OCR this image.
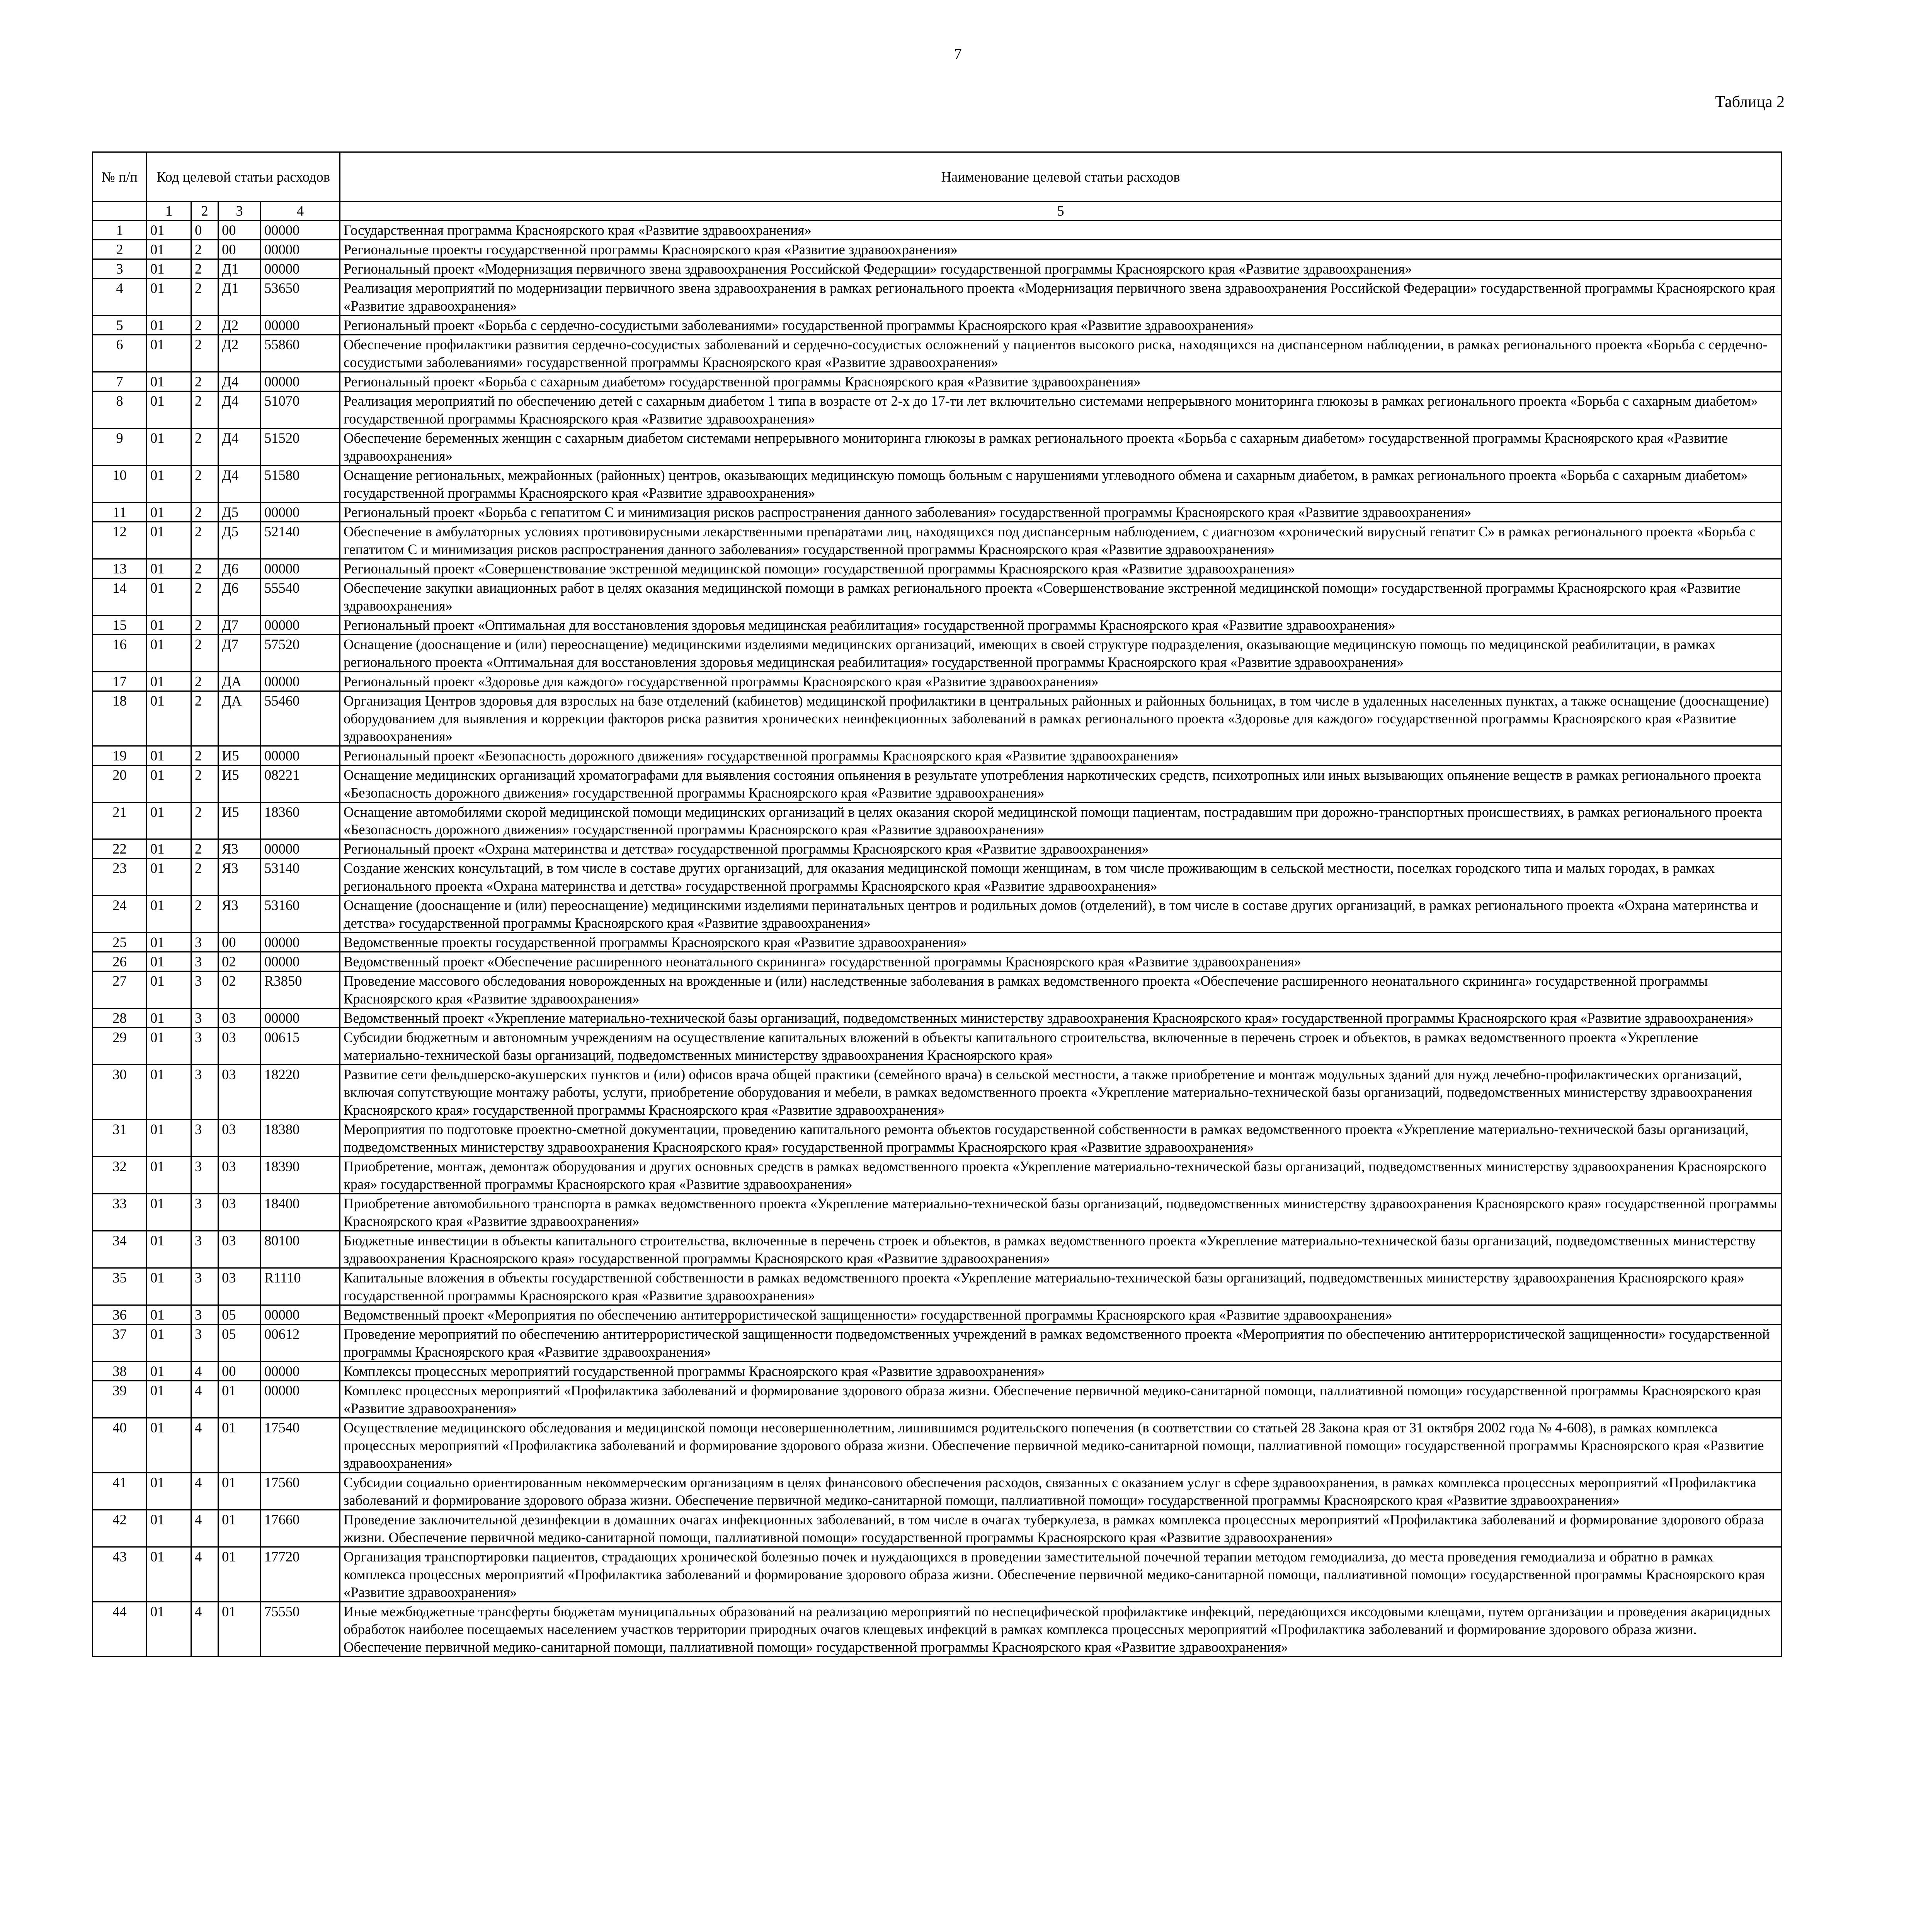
7
Таблица 2
№ п/п	Код целевой статьи расходов				Наименование целевой статьи расходов

	1	2	3	4	5
1	01	0	00	00000	Государственная программа Красноярского края «Развитие здравоохранения»
2	01	2	00	00000	Региональные проекты государственной программы Красноярского края «Развитие здравоохранения»
3	01	2	Д1	00000	Региональный проект «Модернизация первичного звена здравоохранения Российской Федерации» государственной программы Красноярского края «Развитие здравоохранения»
4	01	2	Д1	53650	Реализация мероприятий по модернизации первичного звена здравоохранения в рамках регионального проекта «Модернизация первичного звена здравоохранения Российской Федерации» государственной программы Красноярского края «Развитие здравоохранения»
5	01	2	Д2	00000	Региональный проект «Борьба с сердечно-сосудистыми заболеваниями» государственной программы Красноярского края «Развитие здравоохранения»
6	01	2	Д2	55860	Обеспечение профилактики развития сердечно-сосудистых заболеваний и сердечно-сосудистых осложнений у пациентов высокого риска, находящихся на диспансерном наблюдении, в рамках регионального проекта «Борьба с сердечно-сосудистыми заболеваниями» государственной программы Красноярского края «Развитие здравоохранения»
7	01	2	Д4	00000	Региональный проект «Борьба с сахарным диабетом» государственной программы Красноярского края «Развитие здравоохранения»
8	01	2	Д4	51070	Реализация мероприятий по обеспечению детей с сахарным диабетом 1 типа в возрасте от 2-х до 17-ти лет включительно системами непрерывного мониторинга глюкозы в рамках регионального проекта «Борьба с сахарным диабетом» государственной программы Красноярского края «Развитие здравоохранения»
9	01	2	Д4	51520	Обеспечение беременных женщин с сахарным диабетом системами непрерывного мониторинга глюкозы в рамках регионального проекта «Борьба с сахарным диабетом» государственной программы Красноярского края «Развитие здравоохранения»
10	01	2	Д4	51580	Оснащение региональных, межрайонных (районных) центров, оказывающих медицинскую помощь больным с нарушениями углеводного обмена и сахарным диабетом, в рамках регионального проекта «Борьба с сахарным диабетом» государственной программы Красноярского края «Развитие здравоохранения»
11	01	2	Д5	00000	Региональный проект «Борьба с гепатитом С и минимизация рисков распространения данного заболевания» государственной программы Красноярского края «Развитие здравоохранения»
12	01	2	Д5	52140	Обеспечение в амбулаторных условиях противовирусными лекарственными препаратами лиц, находящихся под диспансерным наблюдением, с диагнозом «хронический вирусный гепатит С» в рамках регионального проекта «Борьба с гепатитом С и минимизация рисков распространения данного заболевания» государственной программы Красноярского края «Развитие здравоохранения»
13	01	2	Д6	00000	Региональный проект «Совершенствование экстренной медицинской помощи» государственной программы Красноярского края «Развитие здравоохранения»
14	01	2	Д6	55540	Обеспечение закупки авиационных работ в целях оказания медицинской помощи в рамках регионального проекта «Совершенствование экстренной медицинской помощи» государственной программы Красноярского края «Развитие здравоохранения»
15	01	2	Д7	00000	Региональный проект «Оптимальная для восстановления здоровья медицинская реабилитация» государственной программы Красноярского края «Развитие здравоохранения»
16	01	2	Д7	57520	Оснащение (дооснащение и (или) переоснащение) медицинскими изделиями медицинских организаций, имеющих в своей структуре подразделения, оказывающие медицинскую помощь по медицинской реабилитации, в рамках регионального проекта «Оптимальная для восстановления здоровья медицинская реабилитация» государственной программы Красноярского края «Развитие здравоохранения»
17	01	2	ДА	00000	Региональный проект «Здоровье для каждого» государственной программы Красноярского края «Развитие здравоохранения»
18	01	2	ДА	55460	Организация Центров здоровья для взрослых на базе отделений (кабинетов) медицинской профилактики в центральных районных и районных больницах, в том числе в удаленных населенных пунктах, а также оснащение (дооснащение) оборудованием для выявления и коррекции факторов риска развития хронических неинфекционных заболеваний в рамках регионального проекта «Здоровье для каждого» государственной программы Красноярского края «Развитие здравоохранения»
19	01	2	И5	00000	Региональный проект «Безопасность дорожного движения» государственной программы Красноярского края «Развитие здравоохранения»
20	01	2	И5	08221	Оснащение медицинских организаций хроматографами для выявления состояния опьянения в результате употребления наркотических средств, психотропных или иных вызывающих опьянение веществ в рамках регионального проекта «Безопасность дорожного движения» государственной программы Красноярского края «Развитие здравоохранения»
21	01	2	И5	18360	Оснащение автомобилями скорой медицинской помощи медицинских организаций в целях оказания скорой медицинской помощи пациентам, пострадавшим при дорожно-транспортных происшествиях, в рамках регионального проекта «Безопасность дорожного движения» государственной программы Красноярского края «Развитие здравоохранения»
22	01	2	Я3	00000	Региональный проект «Охрана материнства и детства» государственной программы Красноярского края «Развитие здравоохранения»
23	01	2	Я3	53140	Создание женских консультаций, в том числе в составе других организаций, для оказания медицинской помощи женщинам, в том числе проживающим в сельской местности, поселках городского типа и малых городах, в рамках регионального проекта «Охрана материнства и детства» государственной программы Красноярского края «Развитие здравоохранения»
24	01	2	Я3	53160	Оснащение (дооснащение и (или) переоснащение) медицинскими изделиями перинатальных центров и родильных домов (отделений), в том числе в составе других организаций, в рамках регионального проекта «Охрана материнства и детства» государственной программы Красноярского края «Развитие здравоохранения»
25	01	3	00	00000	Ведомственные проекты государственной программы Красноярского края «Развитие здравоохранения»
26	01	3	02	00000	Ведомственный проект «Обеспечение расширенного неонатального скрининга» государственной программы Красноярского края «Развитие здравоохранения»
27	01	3	02	R3850	Проведение массового обследования новорожденных на врожденные и (или) наследственные заболевания в рамках ведомственного проекта «Обеспечение расширенного неонатального скрининга» государственной программы Красноярского края «Развитие здравоохранения»
28	01	3	03	00000	Ведомственный проект «Укрепление материально-технической базы организаций, подведомственных министерству здравоохранения Красноярского края» государственной программы Красноярского края «Развитие здравоохранения»
29	01	3	03	00615	Субсидии бюджетным и автономным учреждениям на осуществление капитальных вложений в объекты капитального строительства, включенные в перечень строек и объектов, в рамках ведомственного проекта «Укрепление материально-технической базы организаций, подведомственных министерству здравоохранения Красноярского края»
30	01	3	03	18220	Развитие сети фельдшерско-акушерских пунктов и (или) офисов врача общей практики (семейного врача) в сельской местности, а также приобретение и монтаж модульных зданий для нужд лечебно-профилактических организаций, включая сопутствующие монтажу работы, услуги, приобретение оборудования и мебели, в рамках ведомственного проекта «Укрепление материально-технической базы организаций, подведомственных министерству здравоохранения Красноярского края» государственной программы Красноярского края «Развитие здравоохранения»
31	01	3	03	18380	Мероприятия по подготовке проектно-сметной документации, проведению капитального ремонта объектов государственной собственности в рамках ведомственного проекта «Укрепление материально-технической базы организаций, подведомственных министерству здравоохранения Красноярского края» государственной программы Красноярского края «Развитие здравоохранения»
32	01	3	03	18390	Приобретение, монтаж, демонтаж оборудования и других основных средств в рамках ведомственного проекта «Укрепление материально-технической базы организаций, подведомственных министерству здравоохранения Красноярского края» государственной программы Красноярского края «Развитие здравоохранения»
33	01	3	03	18400	Приобретение автомобильного транспорта в рамках ведомственного проекта «Укрепление материально-технической базы организаций, подведомственных министерству здравоохранения Красноярского края» государственной программы Красноярского края «Развитие здравоохранения»
34	01	3	03	80100	Бюджетные инвестиции в объекты капитального строительства, включенные в перечень строек и объектов, в рамках ведомственного проекта «Укрепление материально-технической базы организаций, подведомственных министерству здравоохранения Красноярского края» государственной программы Красноярского края «Развитие здравоохранения»
35	01	3	03	R1110	Капитальные вложения в объекты государственной собственности в рамках ведомственного проекта «Укрепление материально-технической базы организаций, подведомственных министерству здравоохранения Красноярского края» государственной программы Красноярского края «Развитие здравоохранения»
36	01	3	05	00000	Ведомственный проект «Мероприятия по обеспечению антитеррористической защищенности» государственной программы Красноярского края «Развитие здравоохранения»
37	01	3	05	00612	Проведение мероприятий по обеспечению антитеррористической защищенности подведомственных учреждений в рамках ведомственного проекта «Мероприятия по обеспечению антитеррористической защищенности» государственной программы Красноярского края «Развитие здравоохранения»
38	01	4	00	00000	Комплексы процессных мероприятий государственной программы Красноярского края «Развитие здравоохранения»
39	01	4	01	00000	Комплекс процессных мероприятий «Профилактика заболеваний и формирование здорового образа жизни. Обеспечение первичной медико-санитарной помощи, паллиативной помощи» государственной программы Красноярского края «Развитие здравоохранения»
40	01	4	01	17540	Осуществление медицинского обследования и медицинской помощи несовершеннолетним, лишившимся родительского попечения (в соответствии со статьей 28 Закона края от 31 октября 2002 года № 4-608), в рамках комплекса процессных мероприятий «Профилактика заболеваний и формирование здорового образа жизни. Обеспечение первичной медико-санитарной помощи, паллиативной помощи» государственной программы Красноярского края «Развитие здравоохранения»
41	01	4	01	17560	Субсидии социально ориентированным некоммерческим организациям в целях финансового обеспечения расходов, связанных с оказанием услуг в сфере здравоохранения, в рамках комплекса процессных мероприятий «Профилактика заболеваний и формирование здорового образа жизни. Обеспечение первичной медико-санитарной помощи, паллиативной помощи» государственной программы Красноярского края «Развитие здравоохранения»
42	01	4	01	17660	Проведение заключительной дезинфекции в домашних очагах инфекционных заболеваний, в том числе в очагах туберкулеза, в рамках комплекса процессных мероприятий «Профилактика заболеваний и формирование здорового образа жизни. Обеспечение первичной медико-санитарной помощи, паллиативной помощи» государственной программы Красноярского края «Развитие здравоохранения»
43	01	4	01	17720	Организация транспортировки пациентов, страдающих хронической болезнью почек и нуждающихся в проведении заместительной почечной терапии методом гемодиализа, до места проведения гемодиализа и обратно в рамках комплекса процессных мероприятий «Профилактика заболеваний и формирование здорового образа жизни. Обеспечение первичной медико-санитарной помощи, паллиативной помощи» государственной программы Красноярского края «Развитие здравоохранения»
44	01	4	01	75550	Иные межбюджетные трансферты бюджетам муниципальных образований на реализацию мероприятий по неспецифической профилактике инфекций, передающихся иксодовыми клещами, путем организации и проведения акарицидных обработок наиболее посещаемых населением участков территории природных очагов клещевых инфекций в рамках комплекса процессных мероприятий «Профилактика заболеваний и формирование здорового образа жизни. Обеспечение первичной медико-санитарной помощи, паллиативной помощи» государственной программы Красноярского края «Развитие здравоохранения»
